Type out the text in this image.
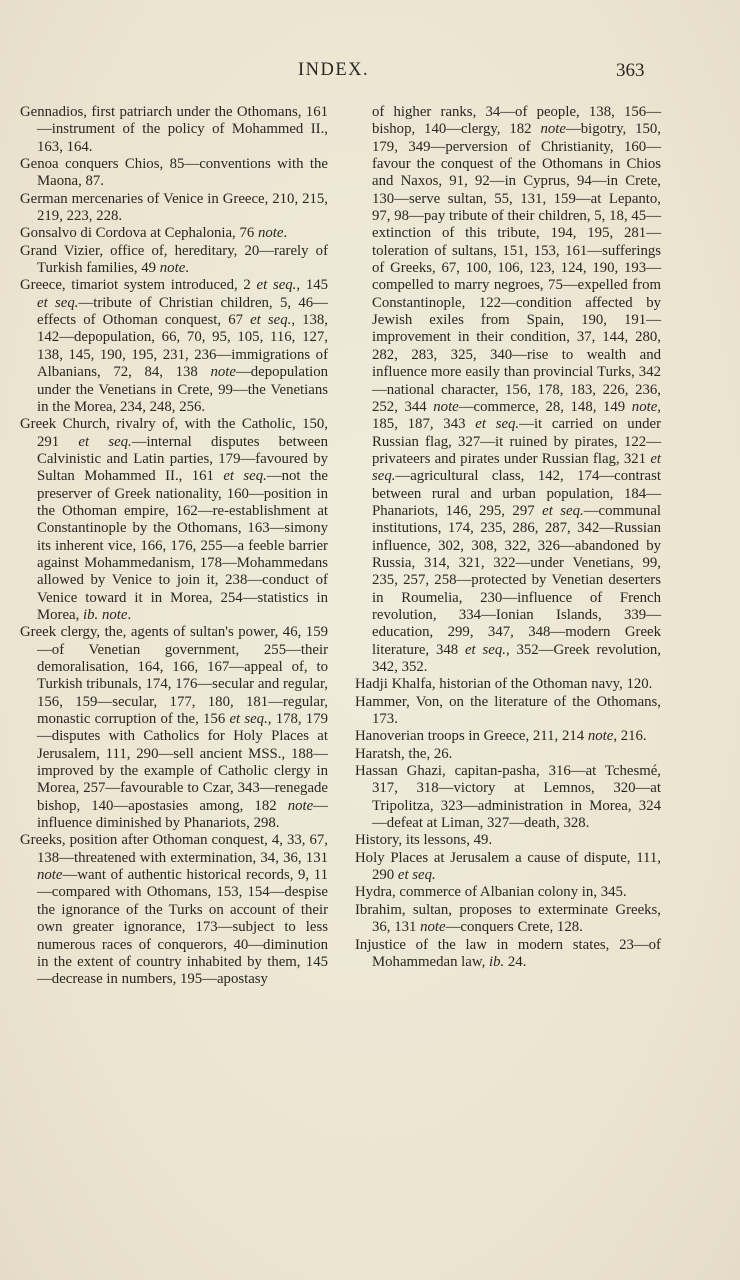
INDEX.	363

Gennadios, first patriarch under the Othomans, 161—instrument of the policy of Mohammed II., 163, 164.

Genoa conquers Chios, 85—conventions with the Maona, 87.

German mercenaries of Venice in Greece, 210, 215, 219, 223, 228.

Gonsalvo di Cordova at Cephalonia, 76 note.

Grand Vizier, office of, hereditary, 20—rarely of Turkish families, 49 note.

Greece, timariot system introduced, 2 et seq., 145 et seq.—tribute of Christian children, 5, 46—effects of Othoman conquest, 67 et seq., 138, 142—depopulation, 66, 70, 95, 105, 116, 127, 138, 145, 190, 195, 231, 236—immigrations of Albanians, 72, 84, 138 note—depopulation under the Venetians in Crete, 99—the Venetians in the Morea, 234, 248, 256.

Greek Church, rivalry of, with the Catholic, 150, 291 et seq.—internal disputes between Calvinistic and Latin parties, 179—favoured by Sultan Mohammed II., 161 et seq.—not the preserver of Greek nationality, 160—position in the Othoman empire, 162—re-establishment at Constantinople by the Othomans, 163—simony its inherent vice, 166, 176, 255—a feeble barrier against Mohammedanism, 178—Mohammedans allowed by Venice to join it, 238—conduct of Venice toward it in Morea, 254—statistics in Morea, ib. note.

Greek clergy, the, agents of sultan's power, 46, 159—of Venetian government, 255—their demoralisation, 164, 166, 167—appeal of, to Turkish tribunals, 174, 176—secular and regular, 156, 159—secular, 177, 180, 181—regular, monastic corruption of the, 156 et seq., 178, 179—disputes with Catholics for Holy Places at Jerusalem, 111, 290—sell ancient MSS., 188—improved by the example of Catholic clergy in Morea, 257—favourable to Czar, 343—renegade bishop, 140—apostasies among, 182 note—influence diminished by Phanariots, 298.

Greeks, position after Othoman conquest, 4, 33, 67, 138—threatened with extermination, 34, 36, 131 note—want of authentic historical records, 9, 11—compared with Othomans, 153, 154—despise the ignorance of the Turks on account of their own greater ignorance, 173—subject to less numerous races of conquerors, 40—diminution in the extent of country inhabited by them, 145—decrease in numbers, 195—apostasy

of higher ranks, 34—of people, 138, 156—bishop, 140—clergy, 182 note—bigotry, 150, 179, 349—perversion of Christianity, 160—favour the conquest of the Othomans in Chios and Naxos, 91, 92—in Cyprus, 94—in Crete, 130—serve sultan, 55, 131, 159—at Lepanto, 97, 98—pay tribute of their children, 5, 18, 45—extinction of this tribute, 194, 195, 281—toleration of sultans, 151, 153, 161—sufferings of Greeks, 67, 100, 106, 123, 124, 190, 193—compelled to marry negroes, 75—expelled from Constantinople, 122—condition affected by Jewish exiles from Spain, 190, 191—improvement in their condition, 37, 144, 280, 282, 283, 325, 340—rise to wealth and influence more easily than provincial Turks, 342—national character, 156, 178, 183, 226, 236, 252, 344 note—commerce, 28, 148, 149 note, 185, 187, 343 et seq.—it carried on under Russian flag, 327—it ruined by pirates, 122—privateers and pirates under Russian flag, 321 et seq.—agricultural class, 142, 174—contrast between rural and urban population, 184—Phanariots, 146, 295, 297 et seq.—communal institutions, 174, 235, 286, 287, 342—Russian influence, 302, 308, 322, 326—abandoned by Russia, 314, 321, 322—under Venetians, 99, 235, 257, 258—protected by Venetian deserters in Roumelia, 230—influence of French revolution, 334—Ionian Islands, 339—education, 299, 347, 348—modern Greek literature, 348 et seq., 352—Greek revolution, 342, 352.

Hadji Khalfa, historian of the Othoman navy, 120.

Hammer, Von, on the literature of the Othomans, 173.

Hanoverian troops in Greece, 211, 214 note, 216.

Haratsh, the, 26.

Hassan Ghazi, capitan-pasha, 316—at Tchesmé, 317, 318—victory at Lemnos, 320—at Tripolitza, 323—administration in Morea, 324—defeat at Liman, 327—death, 328.

History, its lessons, 49.

Holy Places at Jerusalem a cause of dispute, 111, 290 et seq.

Hydra, commerce of Albanian colony in, 345.

Ibrahim, sultan, proposes to exterminate Greeks, 36, 131 note—conquers Crete, 128.

Injustice of the law in modern states, 23—of Mohammedan law, ib. 24.
